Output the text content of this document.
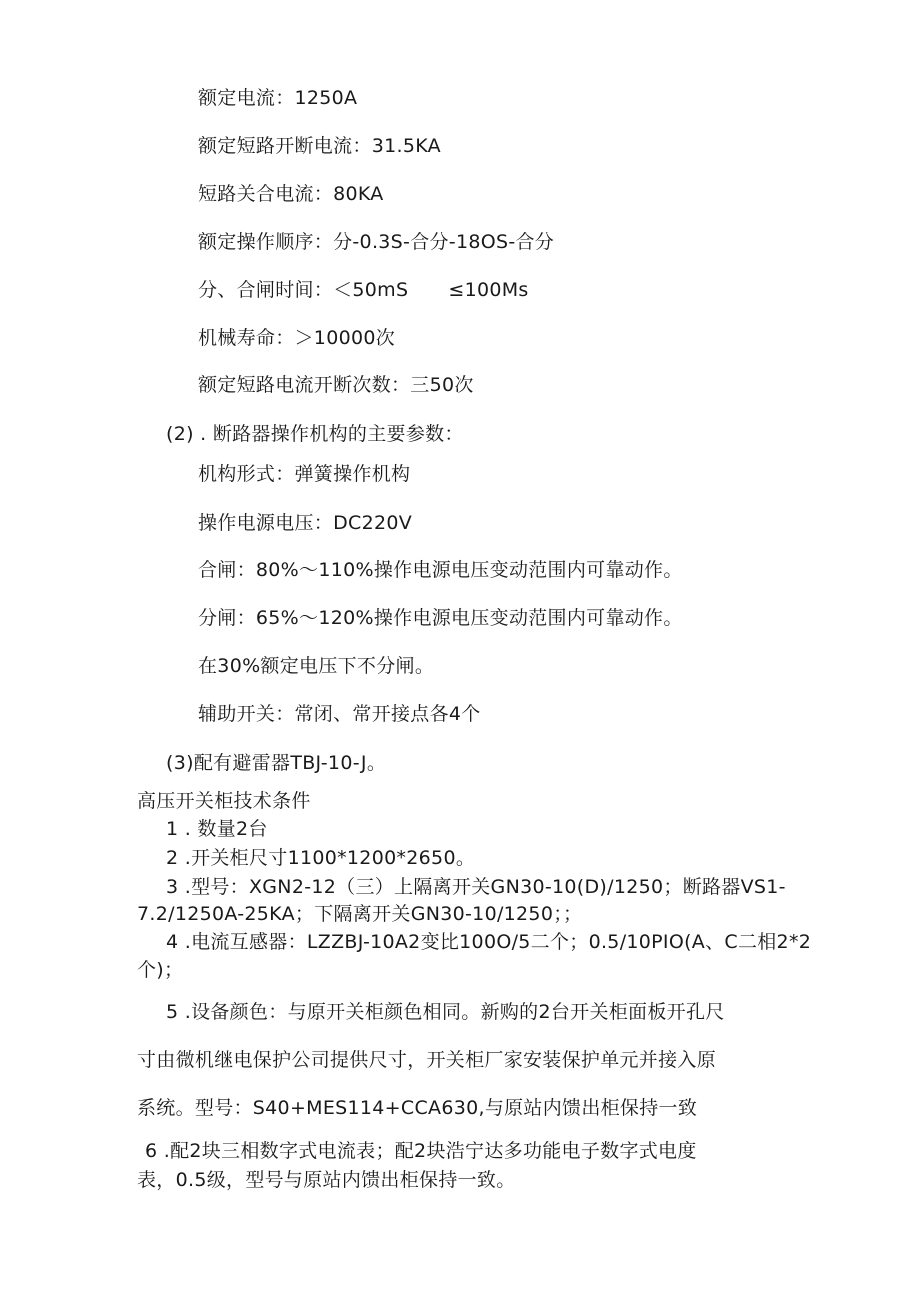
额定电流：1250A
额定短路开断电流：31.5KA
短路关合电流：80KA
额定操作顺序：分-0.3S-合分-18OS-合分
分、合闸时间：＜50mS ≤100Ms
机械寿命：＞10000次
额定短路电流开断次数：三50次
(2) . 断路器操作机构的主要参数：
机构形式：弹簧操作机构
操作电源电压：DC220V
合闸：80%〜110%操作电源电压变动范围内可靠动作。
分闸：65%〜120%操作电源电压变动范围内可靠动作。
在30%额定电压下不分闸。
辅助开关：常闭、常开接点各4个
(3)配有避雷器TBJ-10-J。
高压开关柜技术条件
1 . 数量2台
2 .开关柜尺寸1100*1200*2650。
3 .型号：XGN2-12（三）上隔离开关GN30-10(D)/1250；断路器VS1-
7.2/1250A-25KA；下隔离开关GN30-10/1250；；
4 .电流互感器：LZZBJ-10A2变比100O/5二个；0.5/10PIO(A、C二相2*2
个)；
5 .设备颜色：与原开关柜颜色相同。新购的2台开关柜面板开孔尺
寸由微机继电保护公司提供尺寸，开关柜厂家安装保护单元并接入原
系统。型号：S40+MES114+CCA630,与原站内馈出柜保持一致
6 .配2块三相数字式电流表；配2块浩宁达多功能电子数字式电度
表，0.5级，型号与原站内馈出柜保持一致。
